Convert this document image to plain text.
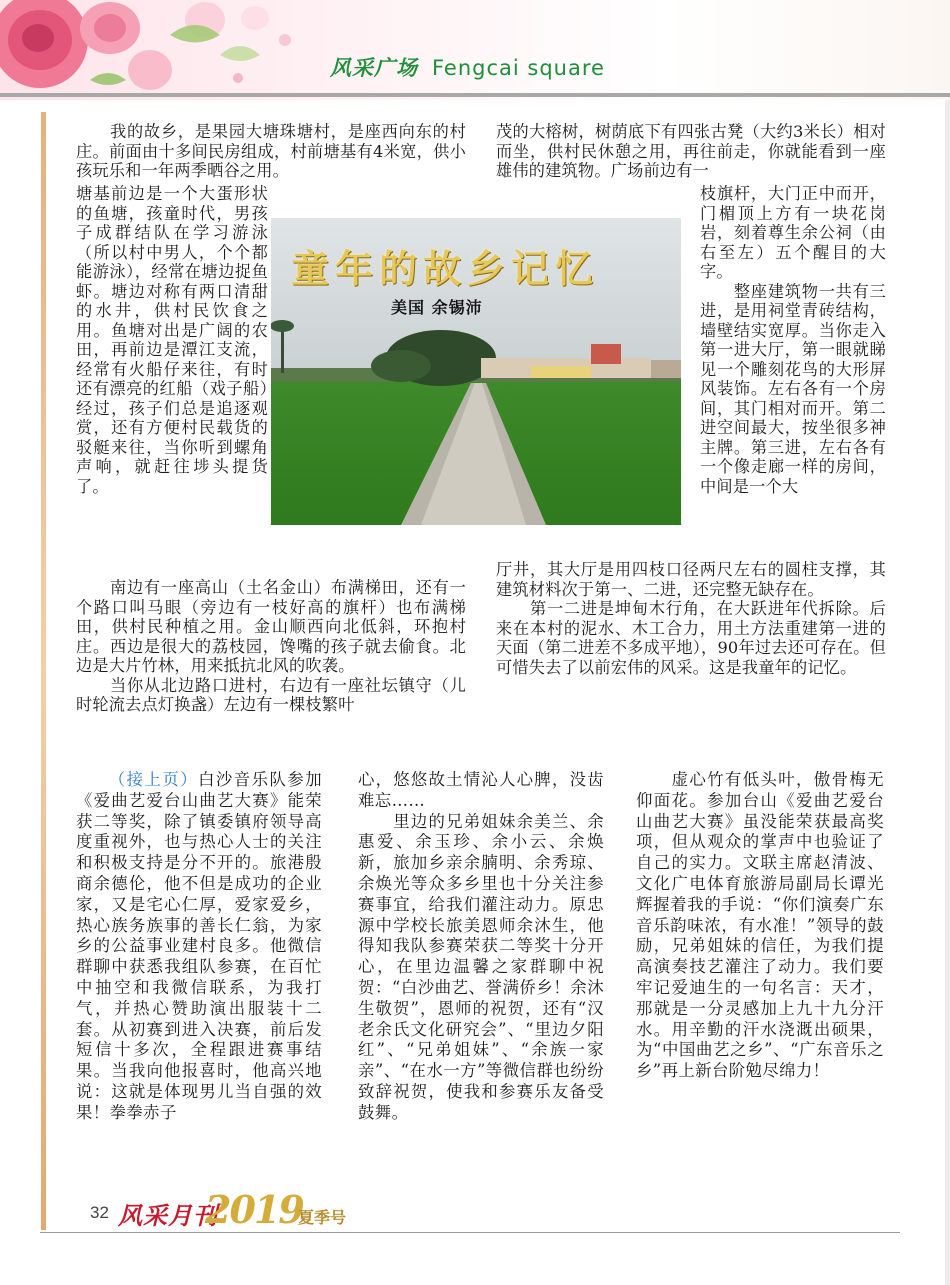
风采广场 Fengcai square

　　我的故乡，是果园大塘珠塘村，是座西向东的村庄。前面由十多间民房组成，村前塘基有4米宽，供小孩玩乐和一年两季晒谷之用。

塘基前边是一个大蛋形状的鱼塘，孩童时代，男孩子成群结队在学习游泳（所以村中男人，个个都能游泳），经常在塘边捉鱼虾。塘边对称有两口清甜的水井，供村民饮食之用。鱼塘对出是广阔的农田，再前边是潭江支流，经常有火船仔来往，有时还有漂亮的红船（戏子船）经过，孩子们总是追逐观赏，还有方便村民载货的驳艇来往，当你听到螺角声响，就赶往埗头提货了。

　　南边有一座高山（土名金山）布满梯田，还有一个路口叫马眼（旁边有一枝好高的旗杆）也布满梯田，供村民种植之用。金山顺西向北低斜，环抱村庄。西边是很大的荔枝园，馋嘴的孩子就去偷食。北边是大片竹林，用来抵抗北风的吹袭。
　　当你从北边路口进村，右边有一座社坛镇守（儿时轮流去点灯换盏）左边有一棵枝繁叶

茂的大榕树，树荫底下有四张古凳（大约3米长）相对而坐，供村民休憩之用，再往前走，你就能看到一座雄伟的建筑物。广场前边有一

枝旗杆，大门正中而开，门楣顶上方有一块花岗岩，刻着尊生余公祠（由右至左）五个醒目的大字。
　　整座建筑物一共有三进，是用祠堂青砖结构，墙壁结实宽厚。当你走入第一进大厅，第一眼就睇见一个雕刻花鸟的大形屏风装饰。左右各有一个房间，其门相对而开。第二进空间最大，按坐很多神主牌。第三进，左右各有一个像走廊一样的房间，中间是一个大

厅井，其大厅是用四枝口径两尺左右的圆柱支撑，其建筑材料次于第一、二进，还完整无缺存在。
　　第一二进是坤甸木行角，在大跃进年代拆除。后来在本村的泥水、木工合力，用土方法重建第一进的天面（第二进差不多成平地），90年过去还可存在。但可惜失去了以前宏伟的风采。这是我童年的记忆。

童年的故乡记忆
美国 余锡沛

（接上页）白沙音乐队参加《爱曲艺爱台山曲艺大赛》能荣获二等奖，除了镇委镇府领导高度重视外，也与热心人士的关注和积极支持是分不开的。旅港殷商余德伦，他不但是成功的企业家，又是宅心仁厚，爱家爱乡，热心族务族事的善长仁翁，为家乡的公益事业建村良多。他微信群聊中获悉我组队参赛，在百忙中抽空和我微信联系，为我打气，并热心赞助演出服装十二套。从初赛到进入决赛，前后发短信十多次，全程跟进赛事结果。当我向他报喜时，他高兴地说：这就是体现男儿当自强的效果！拳拳赤子

心，悠悠故土情沁人心脾，没齿难忘……
　　里边的兄弟姐妹余美兰、余惠爱、余玉珍、余小云、余焕新，旅加乡亲余腩明、余秀琼、余焕光等众多乡里也十分关注参赛事宜，给我们灌注动力。原忠源中学校长旅美恩师余沐生，他得知我队参赛荣获二等奖十分开心，在里边温馨之家群聊中祝贺：“白沙曲艺、誉满侨乡！余沐生敬贺”，恩师的祝贺，还有“汉老余氏文化研究会”、“里边夕阳红”、“兄弟姐妹”、“余族一家亲”、“在水一方”等微信群也纷纷致辞祝贺，使我和参赛乐友备受鼓舞。

　　虚心竹有低头叶，傲骨梅无仰面花。参加台山《爱曲艺爱台山曲艺大赛》虽没能荣获最高奖项，但从观众的掌声中也验证了自己的实力。文联主席赵清波、文化广电体育旅游局副局长谭光辉握着我的手说：“你们演奏广东音乐韵味浓，有水准！”领导的鼓励，兄弟姐妹的信任，为我们提高演奏技艺灌注了动力。我们要牢记爱迪生的一句名言：天才，那就是一分灵感加上九十九分汗水。用辛勤的汗水浇溉出硕果，为“中国曲艺之乡”、“广东音乐之乡”再上新台阶勉尽绵力！

32 风采月刊
2019
夏季号
